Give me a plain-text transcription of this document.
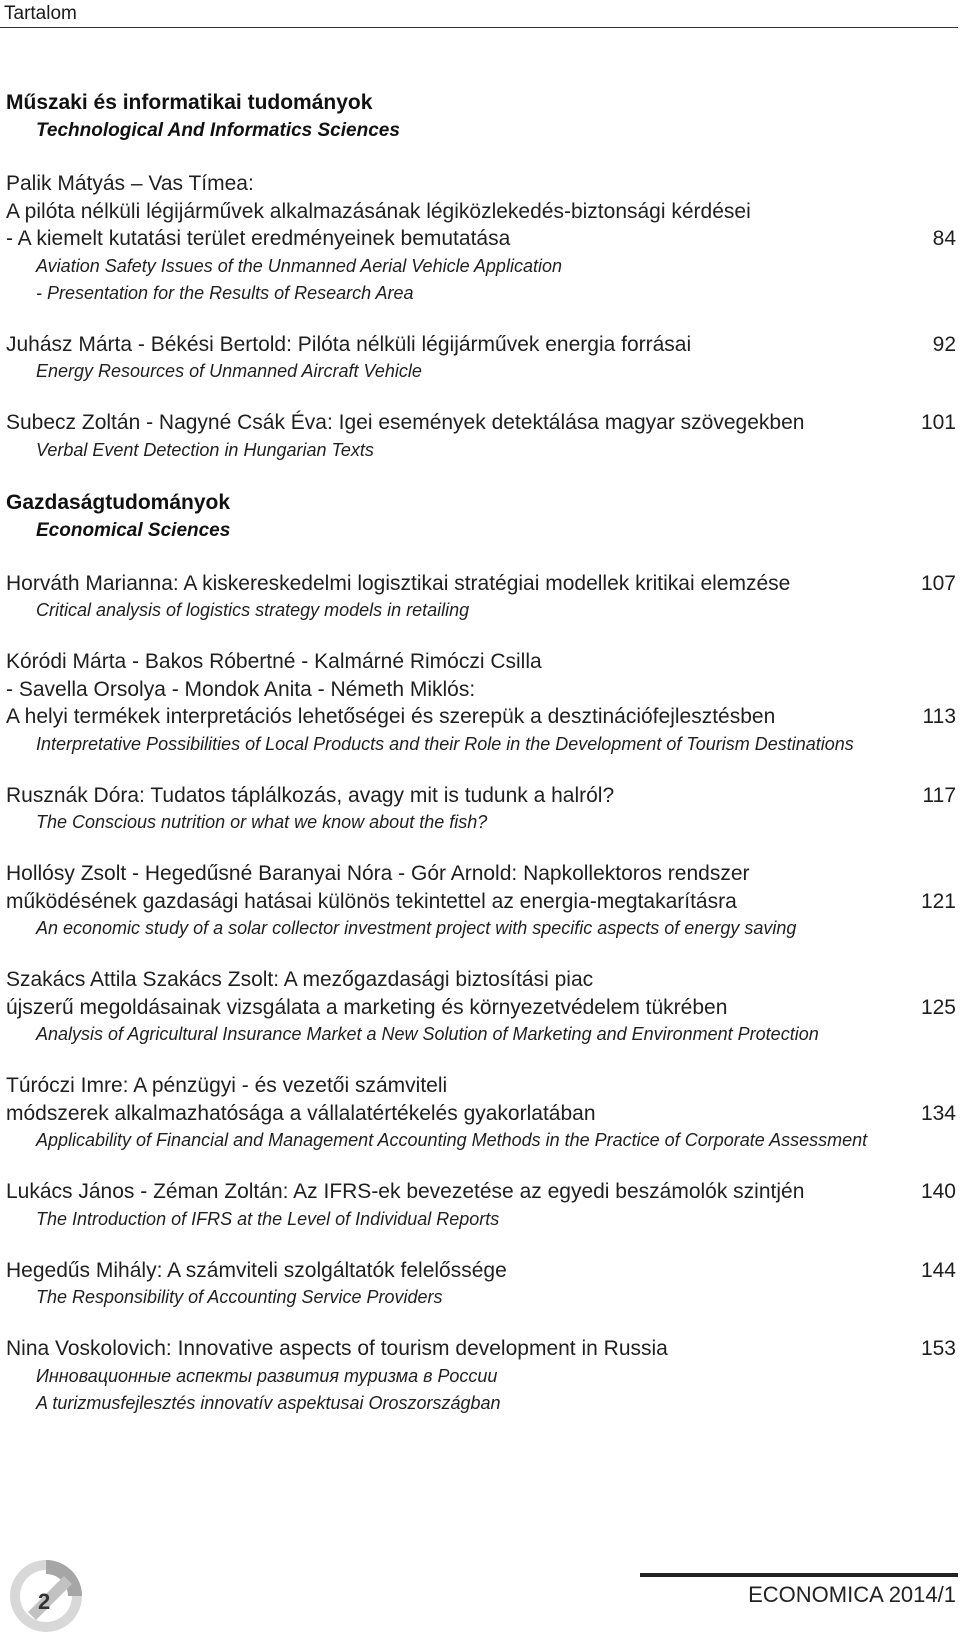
Tartalom
Műszaki és informatikai tudományok
Technological And Informatics Sciences
Palik Mátyás – Vas Tímea:
A pilóta nélküli légijárművek alkalmazásának légiközlekedés-biztonsági kérdései
- A kiemelt kutatási terület eredményeinek bemutatása	84
Aviation Safety Issues of the Unmanned Aerial Vehicle Application
- Presentation for the Results of Research Area
Juhász Márta - Békési Bertold: Pilóta nélküli légijárművek energia forrásai	92
Energy Resources of Unmanned Aircraft Vehicle
Subecz Zoltán - Nagyné Csák Éva: Igei események detektálása magyar szövegekben	101
Verbal Event Detection in Hungarian Texts
Gazdaságtudományok
Economical Sciences
Horváth Marianna: A kiskereskedelmi logisztikai stratégiai modellek kritikai elemzése	107
Critical analysis of logistics strategy models in retailing
Kóródi Márta - Bakos Róbertné - Kalmárné Rimóczi Csilla
- Savella Orsolya - Mondok Anita - Németh Miklós:
A helyi termékek interpretációs lehetőségei és szerepük a desztinációfejlesztésben	113
Interpretative Possibilities of Local Products and their Role in the Development of Tourism Destinations
Rusznák Dóra: Tudatos táplálkozás, avagy mit is tudunk a halról?	117
The Conscious nutrition or what we know about the fish?
Hollósy Zsolt - Hegedűsné Baranyai Nóra - Gór Arnold: Napkollektoros rendszer
működésének gazdasági hatásai különös tekintettel az energia-megtakarításra	121
An economic study of a solar collector investment project with specific aspects of energy saving
Szakács Attila Szakács Zsolt: A mezőgazdasági biztosítási piac
újszerű megoldásainak vizsgálata a marketing és környezetvédelem tükrében	125
Analysis of Agricultural Insurance Market a New Solution of Marketing and Environment Protection
Túróczi Imre: A pénzügyi - és vezetői számviteli
módszerek alkalmazhatósága a vállalatértékelés gyakorlatában	134
Applicability of Financial and Management Accounting Methods in the Practice of Corporate Assessment
Lukács János - Zéman Zoltán: Az IFRS-ek bevezetése az egyedi beszámolók szintjén	140
The Introduction of IFRS at the Level of Individual Reports
Hegedűs Mihály: A számviteli szolgáltatók felelőssége	144
The Responsibility of Accounting Service Providers
Nina Voskolovich: Innovative aspects of tourism development in Russia	153
Инновационные аспекты развития туризма в России
A turizmusfejlesztés innovatív aspektusai Oroszországban
2	ECONOMICA 2014/1
